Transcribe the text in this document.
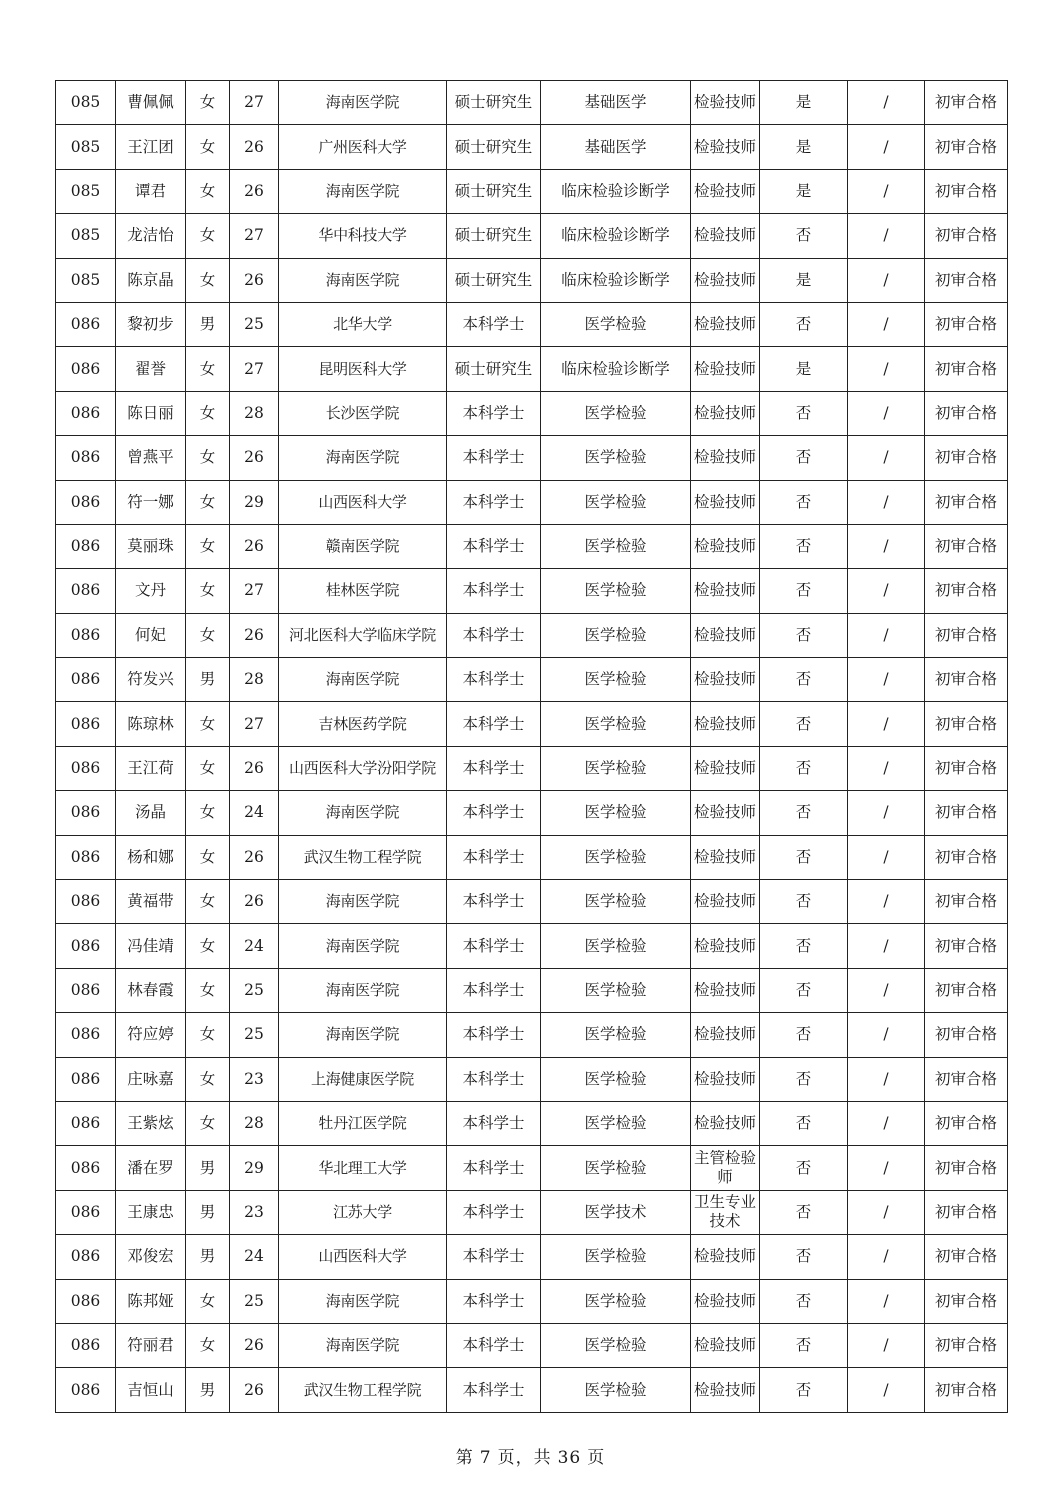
085	曹佩佩	女	27	海南医学院	硕士研究生	基础医学	检验技师	是	/	初审合格
085	王江团	女	26	广州医科大学	硕士研究生	基础医学	检验技师	是	/	初审合格
085	谭君	女	26	海南医学院	硕士研究生	临床检验诊断学	检验技师	是	/	初审合格
085	龙洁怡	女	27	华中科技大学	硕士研究生	临床检验诊断学	检验技师	否	/	初审合格
085	陈京晶	女	26	海南医学院	硕士研究生	临床检验诊断学	检验技师	是	/	初审合格
086	黎初步	男	25	北华大学	本科学士	医学检验	检验技师	否	/	初审合格
086	翟誉	女	27	昆明医科大学	硕士研究生	临床检验诊断学	检验技师	是	/	初审合格
086	陈日丽	女	28	长沙医学院	本科学士	医学检验	检验技师	否	/	初审合格
086	曾燕平	女	26	海南医学院	本科学士	医学检验	检验技师	否	/	初审合格
086	符一娜	女	29	山西医科大学	本科学士	医学检验	检验技师	否	/	初审合格
086	莫丽珠	女	26	赣南医学院	本科学士	医学检验	检验技师	否	/	初审合格
086	文丹	女	27	桂林医学院	本科学士	医学检验	检验技师	否	/	初审合格
086	何妃	女	26	河北医科大学临床学院	本科学士	医学检验	检验技师	否	/	初审合格
086	符发兴	男	28	海南医学院	本科学士	医学检验	检验技师	否	/	初审合格
086	陈琼林	女	27	吉林医药学院	本科学士	医学检验	检验技师	否	/	初审合格
086	王江荷	女	26	山西医科大学汾阳学院	本科学士	医学检验	检验技师	否	/	初审合格
086	汤晶	女	24	海南医学院	本科学士	医学检验	检验技师	否	/	初审合格
086	杨和娜	女	26	武汉生物工程学院	本科学士	医学检验	检验技师	否	/	初审合格
086	黄福带	女	26	海南医学院	本科学士	医学检验	检验技师	否	/	初审合格
086	冯佳靖	女	24	海南医学院	本科学士	医学检验	检验技师	否	/	初审合格
086	林春霞	女	25	海南医学院	本科学士	医学检验	检验技师	否	/	初审合格
086	符应婷	女	25	海南医学院	本科学士	医学检验	检验技师	否	/	初审合格
086	庄咏嘉	女	23	上海健康医学院	本科学士	医学检验	检验技师	否	/	初审合格
086	王紫炫	女	28	牡丹江医学院	本科学士	医学检验	检验技师	否	/	初审合格
086	潘在罗	男	29	华北理工大学	本科学士	医学检验	主管检验师	否	/	初审合格
086	王康忠	男	23	江苏大学	本科学士	医学技术	卫生专业技术	否	/	初审合格
086	邓俊宏	男	24	山西医科大学	本科学士	医学检验	检验技师	否	/	初审合格
086	陈邦娅	女	25	海南医学院	本科学士	医学检验	检验技师	否	/	初审合格
086	符丽君	女	26	海南医学院	本科学士	医学检验	检验技师	否	/	初审合格
086	吉恒山	男	26	武汉生物工程学院	本科学士	医学检验	检验技师	否	/	初审合格
第 7 页，共 36 页
